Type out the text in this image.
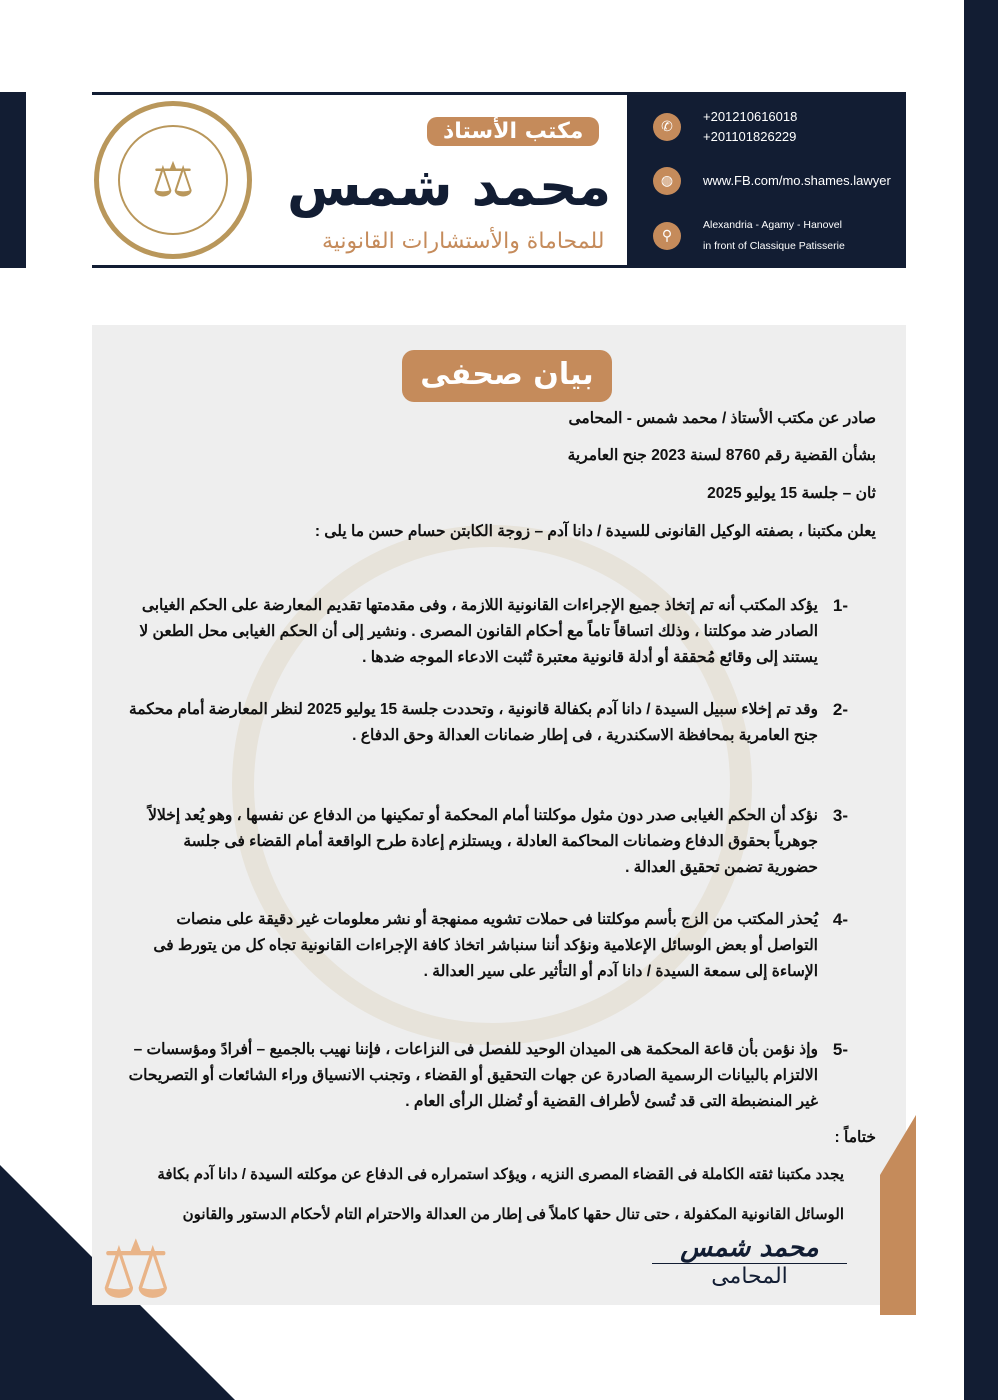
⚖
مكتب الأستاذ
محمد شمس
للمحاماة والأستشارات القانونية
✆
+201210616018
+201101826229
◍	www.FB.com/mo.shames.lawyer
⚲
Alexandria - Agamy - Hanovel
in front of Classique Patisserie
بيان صحفى
صادر عن مكتب الأستاذ / محمد شمس - المحامى
بشأن القضية رقم 8760 لسنة 2023 جنح العامرية
ثان – جلسة 15 يوليو 2025
يعلن مكتبنا ، بصفته الوكيل القانونى للسيدة / دانا آدم – زوجة الكابتن حسام حسن ما يلى :
-1
يؤكد المكتب أنه تم إتخاذ جميع الإجراءات القانونية اللازمة ، وفى مقدمتها تقديم المعارضة على الحكم الغيابى الصادر ضد موكلتنا ، وذلك اتساقاً تاماً مع أحكام القانون المصرى . ونشير إلى أن الحكم الغيابى محل الطعن لا يستند إلى وقائع مُحققة أو أدلة قانونية معتبرة تُثبت الادعاء الموجه ضدها .
-2
وقد تم إخلاء سبيل السيدة / دانا آدم بكفالة قانونية ، وتحددت جلسة 15 يوليو 2025 لنظر المعارضة أمام محكمة جنح العامرية بمحافظة الاسكندرية ، فى إطار ضمانات العدالة وحق الدفاع .
-3
نؤكد أن الحكم الغيابى صدر دون مثول موكلتنا أمام المحكمة أو تمكينها من الدفاع عن نفسها ، وهو يُعد إخلالاً جوهرياً بحقوق الدفاع وضمانات المحاكمة العادلة ، ويستلزم إعادة طرح الواقعة أمام القضاء فى جلسة حضورية تضمن تحقيق العدالة .
-4
يُحذر المكتب من الزج بأسم موكلتنا فى حملات تشويه ممنهجة أو نشر معلومات غير دقيقة على منصات التواصل أو بعض الوسائل الإعلامية ونؤكد أننا سنباشر اتخاذ كافة الإجراءات القانونية تجاه كل من يتورط فى الإساءة إلى سمعة السيدة / دانا آدم أو التأثير على سير العدالة .
-5
وإذ نؤمن بأن قاعة المحكمة هى الميدان الوحيد للفصل فى النزاعات ، فإننا نهيب بالجميع – أفرادً ومؤسسات – الالتزام بالبيانات الرسمية الصادرة عن جهات التحقيق أو القضاء ، وتجنب الانسياق وراء الشائعات أو التصريحات غير المنضبطة التى قد تُسئ لأطراف القضية أو تُضلل الرأى العام .
ختاماً :
يجدد مكتبنا ثقته الكاملة فى القضاء المصرى النزيه ، ويؤكد استمراره فى الدفاع عن موكلته السيدة / دانا آدم بكافة الوسائل القانونية المكفولة ، حتى تنال حقها كاملاً فى إطار من العدالة والاحترام التام لأحكام الدستور والقانون
⚖	محمد شمس
المحامى
